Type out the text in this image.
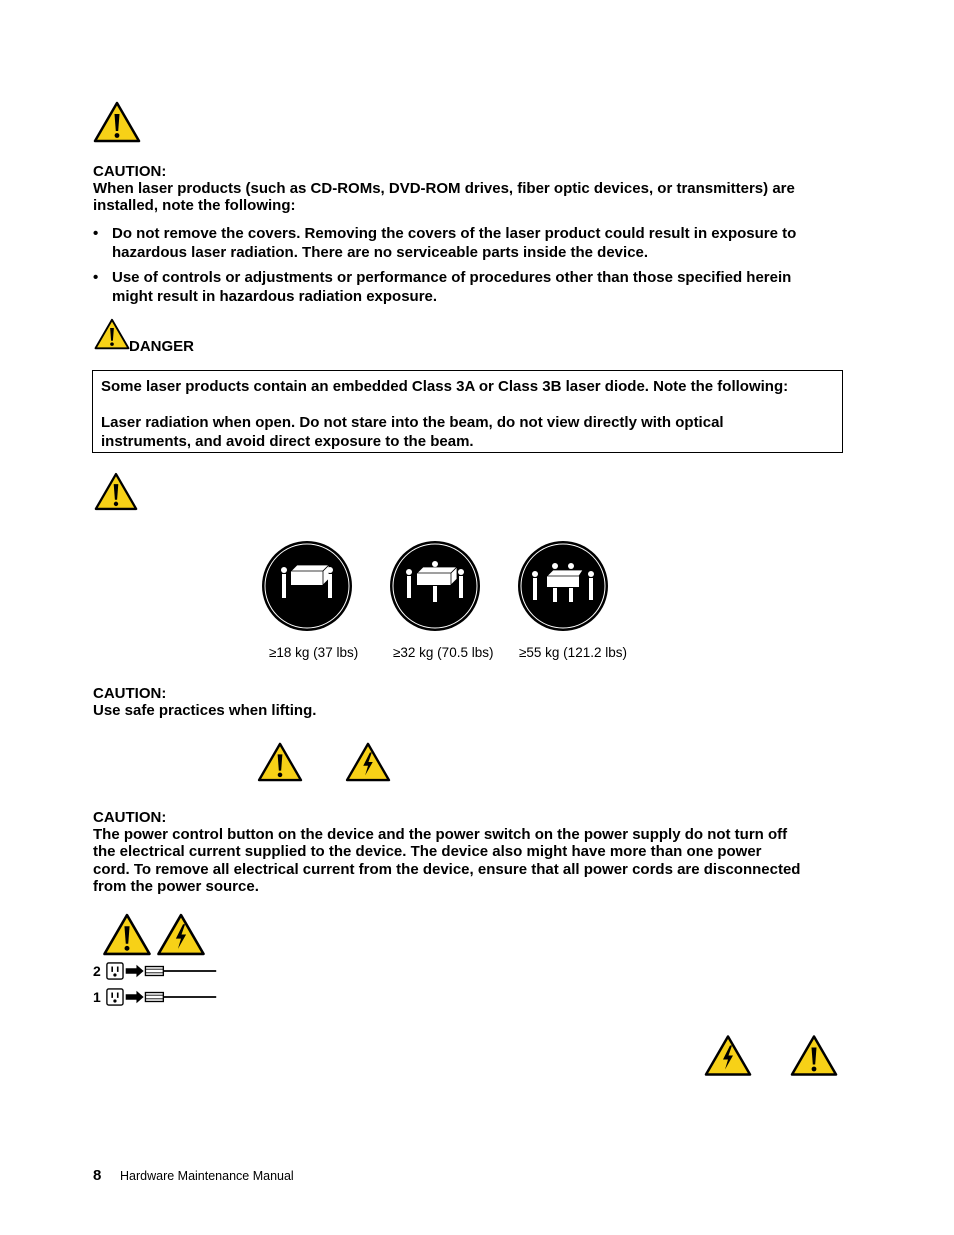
CAUTION:
When laser products (such as CD-ROMs, DVD-ROM drives, fiber optic devices, or transmitters) are
installed, note the following:
• Do not remove the covers. Removing the covers of the laser product could result in exposure to
hazardous laser radiation. There are no serviceable parts inside the device.
• Use of controls or adjustments or performance of procedures other than those specified herein
might result in hazardous radiation exposure.
DANGER
Some laser products contain an embedded Class 3A or Class 3B laser diode. Note the following:
Laser radiation when open. Do not stare into the beam, do not view directly with optical
instruments, and avoid direct exposure to the beam.
≥18 kg (37 lbs)	≥32 kg (70.5 lbs) ≥55 kg (121.2 lbs)
CAUTION:
Use safe practices when lifting.
CAUTION:
The power control button on the device and the power switch on the power supply do not turn off
the electrical current supplied to the device. The device also might have more than one power
cord. To remove all electrical current from the device, ensure that all power cords are disconnected
from the power source.
2
1
8 Hardware Maintenance Manual
